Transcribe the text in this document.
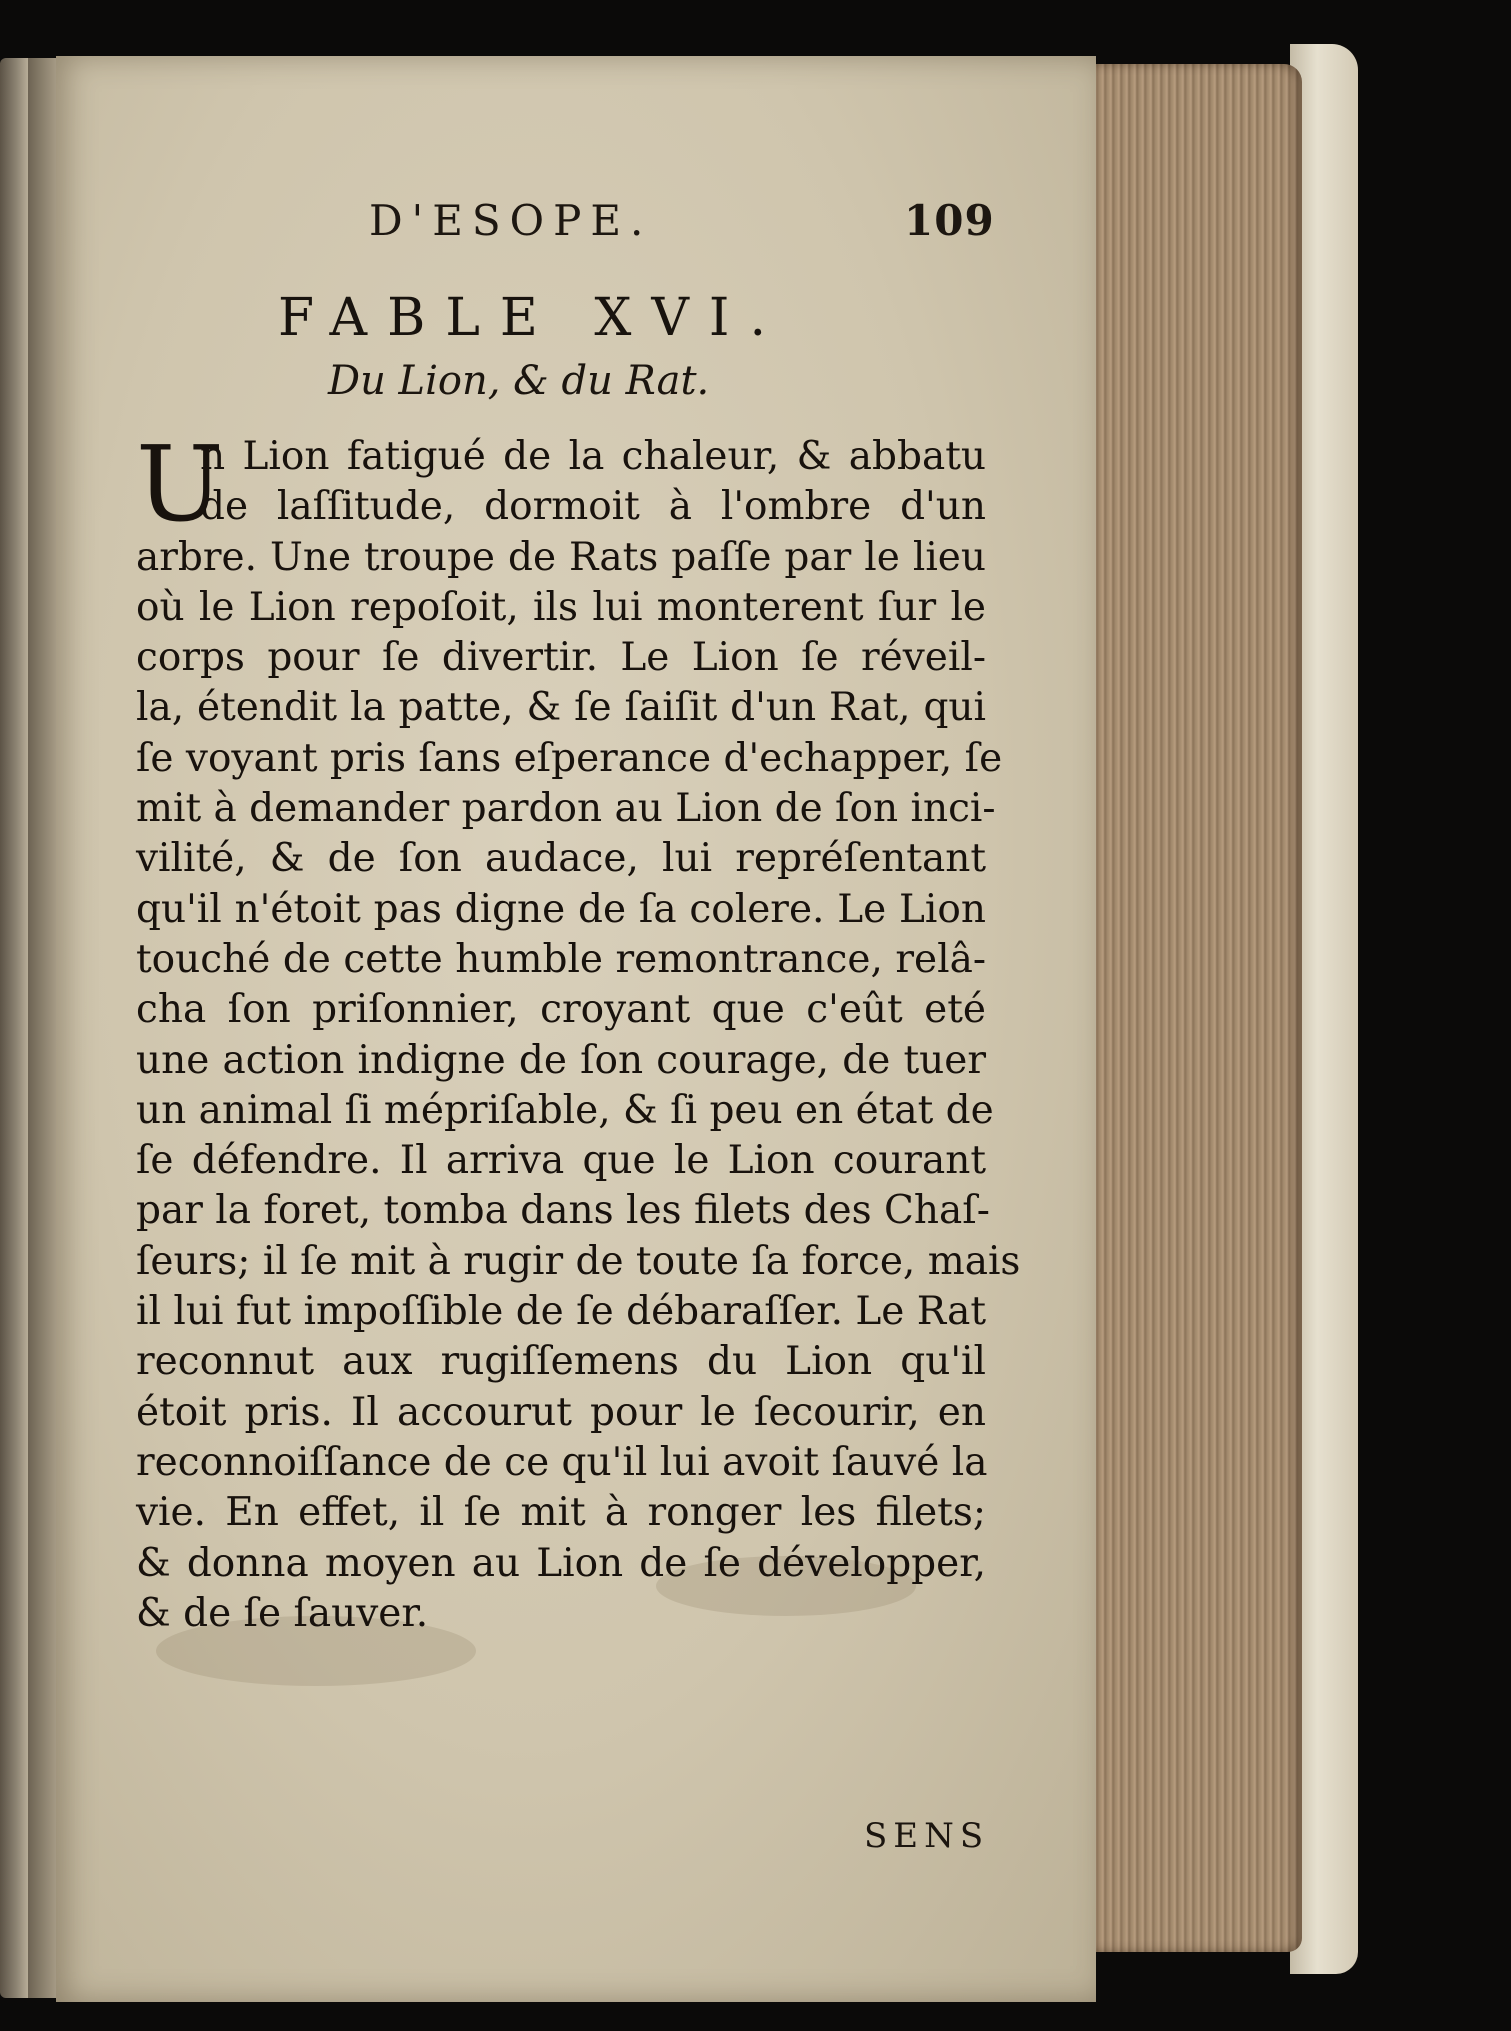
D'ESOPE.	109
FABLE XVI.
Du Lion, & du Rat.
U
n Lion fatigué de la chaleur, & abbatu
de laſſitude, dormoit à l'ombre d'un
arbre. Une troupe de Rats paſſe par le lieu
où le Lion repoſoit, ils lui monterent ſur le
corps pour ſe divertir. Le Lion ſe réveil-
la, étendit la patte, & ſe ſaiſit d'un Rat, qui
ſe voyant pris ſans eſperance d'echapper, ſe
mit à demander pardon au Lion de ſon inci-
vilité, & de ſon audace, lui repréſentant
qu'il n'étoit pas digne de ſa colere. Le Lion
touché de cette humble remontrance, relâ-
cha ſon priſonnier, croyant que c'eût eté
une action indigne de ſon courage, de tuer
un animal ſi mépriſable, & ſi peu en état de
ſe défendre. Il arriva que le Lion courant
par la foret, tomba dans les filets des Chaſ-
ſeurs; il ſe mit à rugir de toute ſa force, mais
il lui fut impoſſible de ſe débaraſſer. Le Rat
reconnut aux rugiſſemens du Lion qu'il
étoit pris. Il accourut pour le ſecourir, en
reconnoiſſance de ce qu'il lui avoit ſauvé la
vie. En effet, il ſe mit à ronger les filets;
& donna moyen au Lion de ſe développer,
& de ſe ſauver.
SENS
